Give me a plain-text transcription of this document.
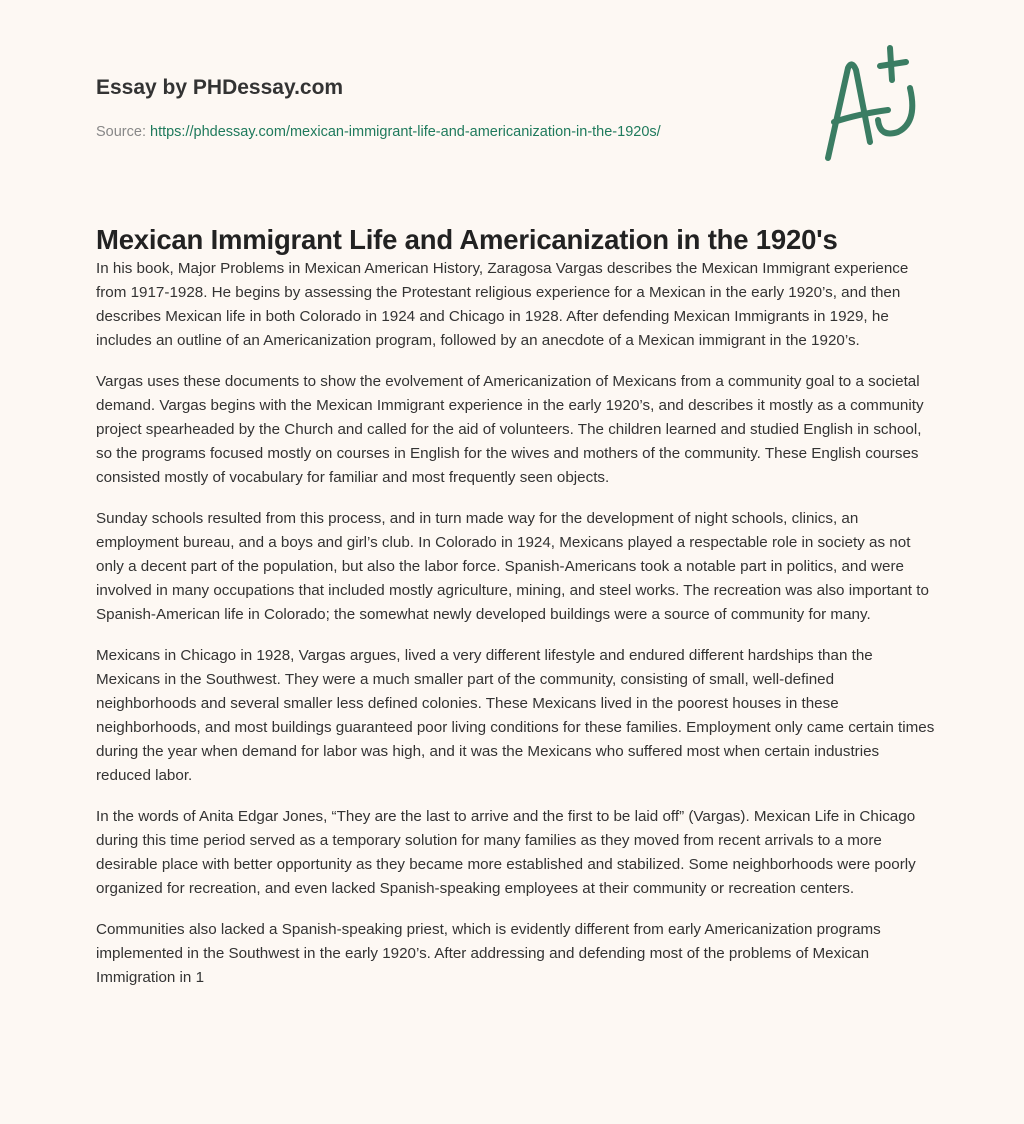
Essay by PHDessay.com
Source: https://phdessay.com/mexican-immigrant-life-and-americanization-in-the-1920s/
Mexican Immigrant Life and Americanization in the 1920's

In his book, Major Problems in Mexican American History, Zaragosa Vargas describes the Mexican Immigrant experience from 1917-1928. He begins by assessing the Protestant religious experience for a Mexican in the early 1920’s, and then describes Mexican life in both Colorado in 1924 and Chicago in 1928. After defending Mexican Immigrants in 1929, he includes an outline of an Americanization program, followed by an anecdote of a Mexican immigrant in the 1920’s.

Vargas uses these documents to show the evolvement of Americanization of Mexicans from a community goal to a societal demand. Vargas begins with the Mexican Immigrant experience in the early 1920’s, and describes it mostly as a community project spearheaded by the Church and called for the aid of volunteers. The children learned and studied English in school, so the programs focused mostly on courses in English for the wives and mothers of the community. These English courses consisted mostly of vocabulary for familiar and most frequently seen objects.

Sunday schools resulted from this process, and in turn made way for the development of night schools, clinics, an employment bureau, and a boys and girl’s club. In Colorado in 1924, Mexicans played a respectable role in society as not only a decent part of the population, but also the labor force. Spanish-Americans took a notable part in politics, and were involved in many occupations that included mostly agriculture, mining, and steel works. The recreation was also important to Spanish-American life in Colorado; the somewhat newly developed buildings were a source of community for many.

Mexicans in Chicago in 1928, Vargas argues, lived a very different lifestyle and endured different hardships than the Mexicans in the Southwest. They were a much smaller part of the community, consisting of small, well-defined neighborhoods and several smaller less defined colonies. These Mexicans lived in the poorest houses in these neighborhoods, and most buildings guaranteed poor living conditions for these families. Employment only came certain times during the year when demand for labor was high, and it was the Mexicans who suffered most when certain industries reduced labor.

In the words of Anita Edgar Jones, “They are the last to arrive and the first to be laid off” (Vargas). Mexican Life in Chicago during this time period served as a temporary solution for many families as they moved from recent arrivals to a more desirable place with better opportunity as they became more established and stabilized. Some neighborhoods were poorly organized for recreation, and even lacked Spanish-speaking employees at their community or recreation centers.

Communities also lacked a Spanish-speaking priest, which is evidently different from early Americanization programs implemented in the Southwest in the early 1920’s. After addressing and defending most of the problems of Mexican Immigration in 1
